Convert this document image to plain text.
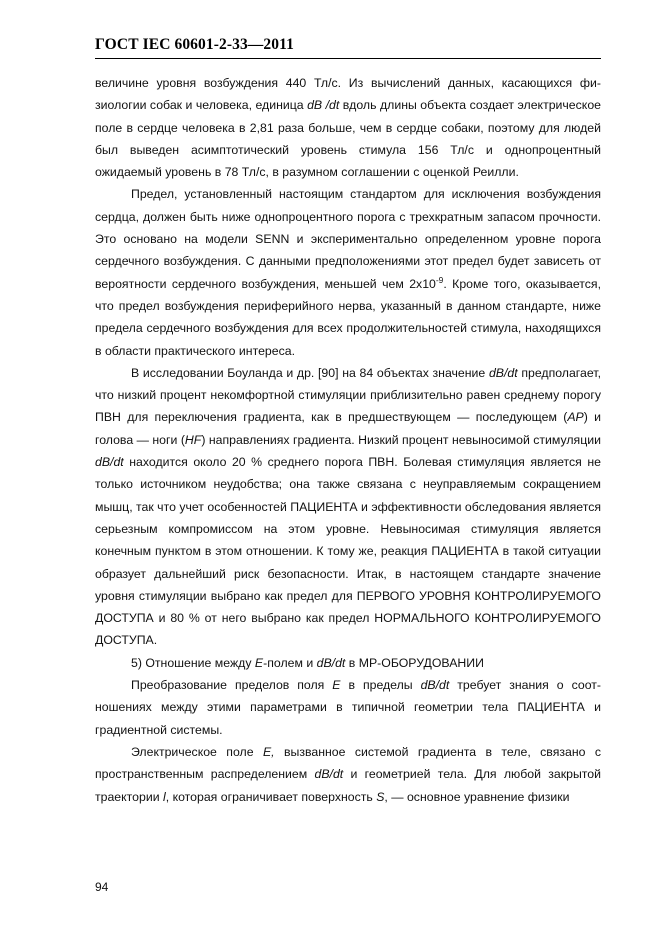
ГОСТ IEC 60601-2-33—2011

величине уровня возбуждения 440 Тл/с. Из вычислений данных, касающихся физиологии собак и человека, единица dB /dt вдоль длины объекта создает электрическое поле в сердце человека в 2,81 раза больше, чем в сердце собаки, поэтому для людей был выведен асимптотический уровень стимула 156 Тл/с и однопроцентный ожидаемый уровень в 78 Тл/с, в разумном соглашении с оценкой Реилли.

Предел, установленный настоящим стандартом для исключения возбуждения сердца, должен быть ниже однопроцентного порога с трехкратным запасом прочности. Это основано на модели SENN и экспериментально определенном уровне порога сердечного возбуждения. С данными предположениями этот предел будет зависеть от вероятности сердечного возбуждения, меньшей чем $2x10^{-9}$. Кроме того, оказывается, что предел возбуждения периферийного нерва, указанный в данном стандарте, ниже предела сердечного возбуждения для всех продолжительностей стимула, находящихся в области практического интереса.

В исследовании Боуланда и др. [90] на 84 объектах значение dB/dt предполагает, что низкий процент некомфортной стимуляции приблизительно равен среднему порогу ПВН для переключения градиента, как в предшествующем — последующем (AP) и голова — ноги (HF) направлениях градиента. Низкий процент невыносимой стимуляции dB/dt находится около 20 % среднего порога ПВН. Болевая стимуляция является не только источником неудобства; она также связана с неуправляемым сокращением мышц, так что учет особенностей ПАЦИЕНТА и эффективности обследования является серьезным компромиссом на этом уровне. Невыносимая стимуляция является конечным пунктом в этом отношении. К тому же, реакция ПАЦИЕНТА в такой ситуации образует дальнейший риск безопасности. Итак, в настоящем стандарте значение уровня стимуляции выбрано как предел для ПЕРВОГО УРОВНЯ КОНТРОЛИРУЕМОГО ДОСТУПА и 80 % от него выбрано как предел НОРМАЛЬНОГО КОНТРОЛИРУЕМОГО ДОСТУПА.

5) Отношение между E-полем и dB/dt в МР-ОБОРУДОВАНИИ

Преобразование пределов поля E в пределы dB/dt требует знания о соотношениях между этими параметрами в типичной геометрии тела ПАЦИЕНТА и градиентной системы.

Электрическое поле E, вызванное системой градиента в теле, связано с пространственным распределением dB/dt и геометрией тела. Для любой закрытой траектории l, которая ограничивает поверхность S, — основное уравнение физики

94
